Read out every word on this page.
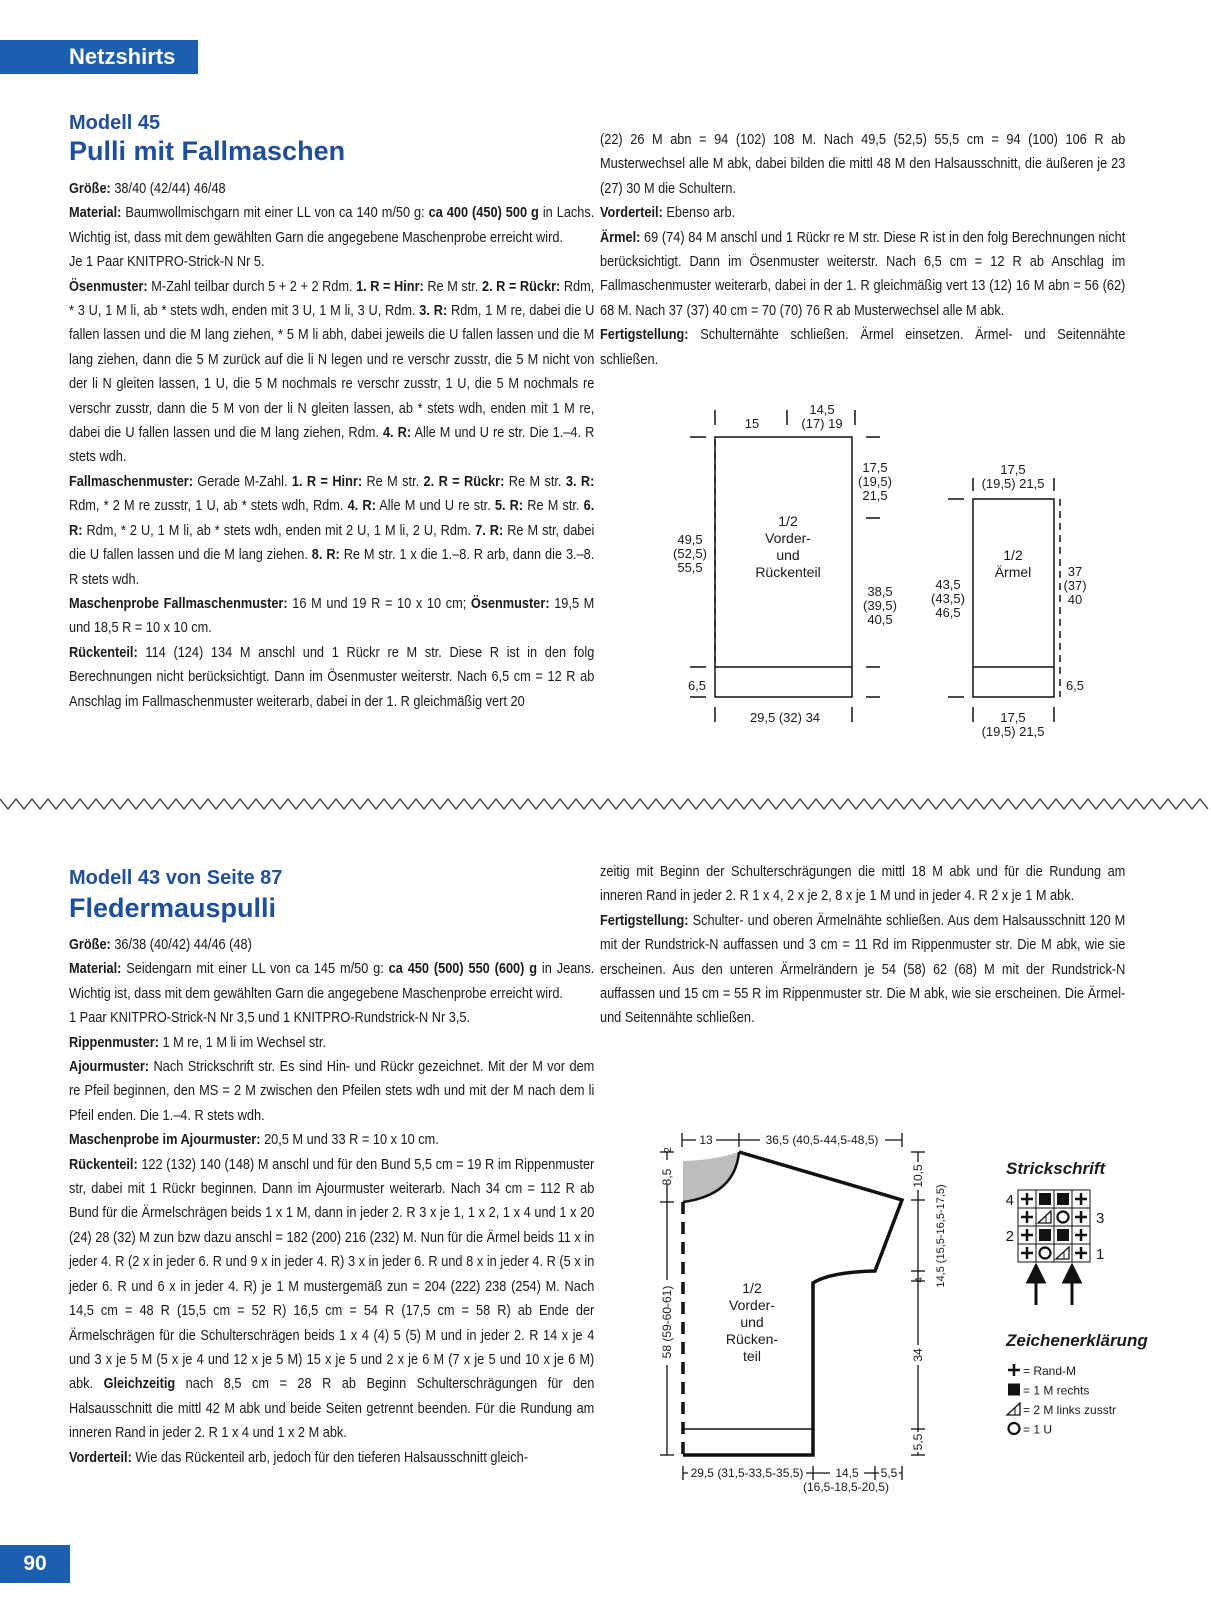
Netzshirts
Modell 45
Pulli mit Fallmaschen

Größe: 38/40 (42/44) 46/48

Material: Baumwollmischgarn mit einer LL von ca 140 m/50 g: ca 400 (450) 500 g in Lachs. Wichtig ist, dass mit dem gewählten Garn die angegebene Maschenprobe erreicht wird.

Je 1 Paar KNITPRO-Strick-N Nr 5.

Ösenmuster: M-Zahl teilbar durch 5 + 2 + 2 Rdm. 1. R = Hinr: Re M str. 2. R = Rückr: Rdm, * 3 U, 1 M li, ab * stets wdh, enden mit 3 U, 1 M li, 3 U, Rdm. 3. R: Rdm, 1 M re, dabei die U fallen lassen und die M lang ziehen, * 5 M li abh, dabei jeweils die U fallen lassen und die M lang ziehen, dann die 5 M zurück auf die li N legen und re verschr zusstr, die 5 M nicht von der li N gleiten lassen, 1 U, die 5 M nochmals re verschr zusstr, 1 U, die 5 M nochmals re verschr zusstr, dann die 5 M von der li N gleiten lassen, ab * stets wdh, enden mit 1 M re, dabei die U fallen lassen und die M lang ziehen, Rdm. 4. R: Alle M und U re str. Die 1.–4. R stets wdh.

Fallmaschenmuster: Gerade M-Zahl. 1. R = Hinr: Re M str. 2. R = Rückr: Re M str. 3. R: Rdm, * 2 M re zusstr, 1 U, ab * stets wdh, Rdm. 4. R: Alle M und U re str. 5. R: Re M str. 6. R: Rdm, * 2 U, 1 M li, ab * stets wdh, enden mit 2 U, 1 M li, 2 U, Rdm. 7. R: Re M str, dabei die U fallen lassen und die M lang ziehen. 8. R: Re M str. 1 x die 1.–8. R arb, dann die 3.–8. R stets wdh.

Maschenprobe Fallmaschenmuster: 16 M und 19 R = 10 x 10 cm; Ösenmuster: 19,5 M und 18,5 R = 10 x 10 cm.

Rückenteil: 114 (124) 134 M anschl und 1 Rückr re M str. Diese R ist in den folg Berechnungen nicht berücksichtigt. Dann im Ösenmuster weiterstr. Nach 6,5 cm = 12 R ab Anschlag im Fallmaschenmuster weiterarb, dabei in der 1. R gleichmäßig vert 20

(22) 26 M abn = 94 (102) 108 M. Nach 49,5 (52,5) 55,5 cm = 94 (100) 106 R ab Musterwechsel alle M abk, dabei bilden die mittl 48 M den Halsausschnitt, die äußeren je 23 (27) 30 M die Schultern.

Vorderteil: Ebenso arb.

Ärmel: 69 (74) 84 M anschl und 1 Rückr re M str. Diese R ist in den folg Berechnungen nicht berücksichtigt. Dann im Ösenmuster weiterstr. Nach 6,5 cm = 12 R ab Anschlag im Fallmaschenmuster weiterarb, dabei in der 1. R gleichmäßig vert 13 (12) 16 M abn = 56 (62) 68 M. Nach 37 (37) 40 cm = 70 (70) 76 R ab Musterwechsel alle M abk.

Fertigstellung: Schulternähte schließen. Ärmel einsetzen. Ärmel- und Seitennähte schließen.

15
14,5
(17) 19
49,5
(52,5)
55,5
17,5
(19,5)
21,5
38,5
(39,5)
40,5
6,5
29,5 (32) 34
1/2
Vorder-
und
Rückenteil
17,5
(19,5) 21,5
43,5
(43,5)
46,5
37
(37)
40
6,5
17,5
(19,5) 21,5
1/2
Ärmel
Modell 43 von Seite 87
Fledermauspulli

Größe: 36/38 (40/42) 44/46 (48)

Material: Seidengarn mit einer LL von ca 145 m/50 g: ca 450 (500) 550 (600) g in Jeans. Wichtig ist, dass mit dem gewählten Garn die angegebene Maschenprobe erreicht wird.

1 Paar KNITPRO-Strick-N Nr 3,5 und 1 KNITPRO-Rundstrick-N Nr 3,5.

Rippenmuster: 1 M re, 1 M li im Wechsel str.

Ajourmuster: Nach Strickschrift str. Es sind Hin- und Rückr gezeichnet. Mit der M vor dem re Pfeil beginnen, den MS = 2 M zwischen den Pfeilen stets wdh und mit der M nach dem li Pfeil enden. Die 1.–4. R stets wdh.

Maschenprobe im Ajourmuster: 20,5 M und 33 R = 10 x 10 cm.

Rückenteil: 122 (132) 140 (148) M anschl und für den Bund 5,5 cm = 19 R im Rippenmuster str, dabei mit 1 Rückr beginnen. Dann im Ajourmuster weiterarb. Nach 34 cm = 112 R ab Bund für die Ärmelschrägen beids 1 x 1 M, dann in jeder 2. R 3 x je 1, 1 x 2, 1 x 4 und 1 x 20 (24) 28 (32) M zun bzw dazu anschl = 182 (200) 216 (232) M. Nun für die Ärmel beids 11 x in jeder 4. R (2 x in jeder 6. R und 9 x in jeder 4. R) 3 x in jeder 6. R und 8 x in jeder 4. R (5 x in jeder 6. R und 6 x in jeder 4. R) je 1 M mustergemäß zun = 204 (222) 238 (254) M. Nach 14,5 cm = 48 R (15,5 cm = 52 R) 16,5 cm = 54 R (17,5 cm = 58 R) ab Ende der Ärmelschrägen für die Schulterschrägen beids 1 x 4 (4) 5 (5) M und in jeder 2. R 14 x je 4 und 3 x je 5 M (5 x je 4 und 12 x je 5 M) 15 x je 5 und 2 x je 6 M (7 x je 5 und 10 x je 6 M) abk. Gleichzeitig nach 8,5 cm = 28 R ab Beginn Schulterschrägungen für den Halsausschnitt die mittl 42 M abk und beide Seiten getrennt beenden. Für die Rundung am inneren Rand in jeder 2. R 1 x 4 und 1 x 2 M abk.

Vorderteil: Wie das Rückenteil arb, jedoch für den tieferen Halsausschnitt gleich-

zeitig mit Beginn der Schulterschrägungen die mittl 18 M abk und für die Rundung am inneren Rand in jeder 2. R 1 x 4, 2 x je 2, 8 x je 1 M und in jeder 4. R 2 x je 1 M abk.

Fertigstellung: Schulter- und oberen Ärmelnähte schließen. Aus dem Halsausschnitt 120 M mit der Rundstrick-N auffassen und 3 cm = 11 Rd im Rippenmuster str. Die M abk, wie sie erscheinen. Aus den unteren Ärmelrändern je 54 (58) 62 (68) M mit der Rundstrick-N auffassen und 15 cm = 55 R im Rippenmuster str. Die M abk, wie sie erscheinen. Die Ärmel- und Seitennähte schließen.

13	36,5 (40,5-44,5-48,5)
8,5
2
58 (59-60-61)
10,5
14,5 (15,5-16,5-17,5)
4
34
5,5
29,5 (31,5-33,5-35,5)	14,5 5,5
(16,5-18,5-20,5)
1/2
Vorder-
und
Rücken-
teil
Strickschrift
4
3
2
1
Zeichenerklärung
= Rand-M
= 1 M rechts
= 2 M links zusstr
= 1 U
90
